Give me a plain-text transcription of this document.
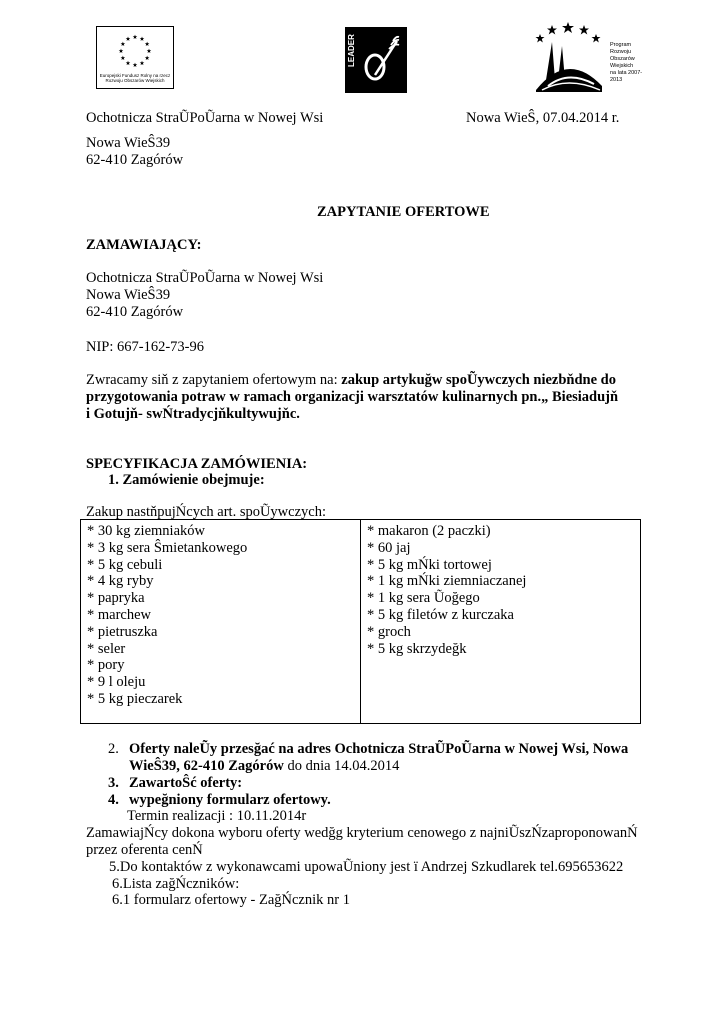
Europejski Fundusz Rolny na rzecz Rozwoju Obszarów Wiejskich
LEADER	Program
Rozwoju
Obszarów
Wiejskich
na lata 2007-2013
Ochotnicza StraŨPoŨarna w Nowej Wsi	Nowa WieŜ, 07.04.2014 r.
Nowa WieŜ39
62-410 Zagórów
ZAPYTANIE OFERTOWE
ZAMAWIAJĄCY:
Ochotnicza StraŨPoŨarna w Nowej Wsi
Nowa WieŜ39
62-410 Zagórów
NIP: 667-162-73-96
Zwracamy siň z zapytaniem ofertowym na: zakup artykuğw spoŨywczych niezbňdne do
przygotowania potraw w ramach organizacji warsztatów kulinarnych pn.„ Biesiadujň
i Gotujň- swŃtradycjňkultywujňc.
SPECYFIKACJA ZAMÓWIENIA:
1. Zamówienie obejmuje:
Zakup nastňpujŃcych art. spoŨywczych:
* 30 kg ziemniaków
* 3 kg sera Ŝmietankowego
* 5 kg cebuli
* 4 kg ryby
* papryka
* marchew
* pietruszka
* seler
* pory
* 9 l oleju
* 5 kg pieczarek
* makaron (2 paczki)
* 60 jaj
* 5 kg mŃki tortowej
* 1 kg mŃki ziemniaczanej
* 1 kg sera Ũoğego
* 5 kg filetów z kurczaka
* groch
* 5 kg skrzydeğk
2. Oferty naleŨy przesğać na adres Ochotnicza StraŨPoŨarna w Nowej Wsi, Nowa
WieŜ39, 62-410 Zagórów do dnia 14.04.2014
3. ZawartoŜć oferty:
4. wypeğniony formularz ofertowy.
Termin realizacji : 10.11.2014r
ZamawiajŃcy dokona wyboru oferty wedğg kryterium cenowego z najniŨszŃzaproponowanŃ
przez oferenta cenŃ
5.Do kontaktów z wykonawcami upowaŨniony jest ï Andrzej Szkudlarek tel.695653622
6.Lista zağŃczników:
6.1 formularz ofertowy - ZağŃcznik nr 1
